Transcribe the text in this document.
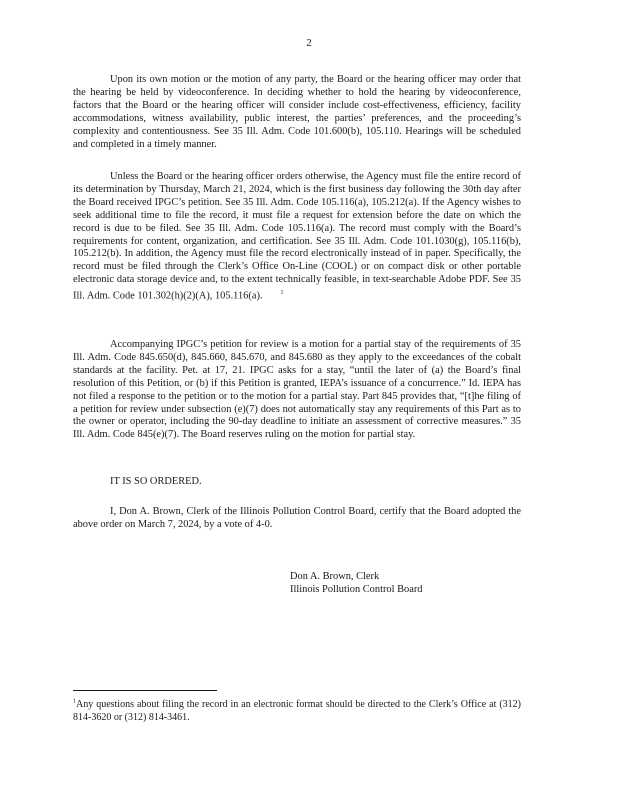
2

Upon its own motion or the motion of any party, the Board or the hearing officer may order that the hearing be held by videoconference. In deciding whether to hold the hearing by videoconference, factors that the Board or the hearing officer will consider include cost-effectiveness, efficiency, facility accommodations, witness availability, public interest, the parties’ preferences, and the proceeding’s complexity and contentiousness. See 35 Ill. Adm. Code 101.600(b), 105.110. Hearings will be scheduled and completed in a timely manner.

Unless the Board or the hearing officer orders otherwise, the Agency must file the entire record of its determination by Thursday, March 21, 2024, which is the first business day following the 30th day after the Board received IPGC’s petition. See 35 Ill. Adm. Code 105.116(a), 105.212(a). If the Agency wishes to seek additional time to file the record, it must file a request for extension before the date on which the record is due to be filed. See 35 Ill. Adm. Code 105.116(a). The record must comply with the Board’s requirements for content, organization, and certification. See 35 Ill. Adm. Code 101.1030(g), 105.116(b), 105.212(b). In addition, the Agency must file the record electronically instead of in paper. Specifically, the record must be filed through the Clerk’s Office On-Line (COOL) or on compact disk or other portable electronic data storage device and, to the extent technically feasible, in text-searchable Adobe PDF. See 35 Ill. Adm. Code 101.302(h)(2)(A), 105.116(a).	$^1$

Accompanying IPGC’s petition for review is a motion for a partial stay of the requirements of 35 Ill. Adm. Code 845.650(d), 845.660, 845.670, and 845.680 as they apply to the exceedances of the cobalt standards at the facility. Pet. at 17, 21. IPGC asks for a stay, “until the later of (a) the Board’s final resolution of this Petition, or (b) if this Petition is granted, IEPA’s issuance of a concurrence.” Id. IEPA has not filed a response to the petition or to the motion for a partial stay. Part 845 provides that, “[t]he filing of a petition for review under subsection (e)(7) does not automatically stay any requirements of this Part as to the owner or operator, including the 90-day deadline to initiate an assessment of corrective measures.” 35 Ill. Adm. Code 845(e)(7). The Board reserves ruling on the motion for partial stay.

IT IS SO ORDERED.

I, Don A. Brown, Clerk of the Illinois Pollution Control Board, certify that the Board adopted the above order on March 7, 2024, by a vote of 4-0.

Don A. Brown, Clerk
Illinois Pollution Control Board

$^1$Any questions about filing the record in an electronic format should be directed to the Clerk’s Office at (312) 814-3620 or (312) 814-3461.
